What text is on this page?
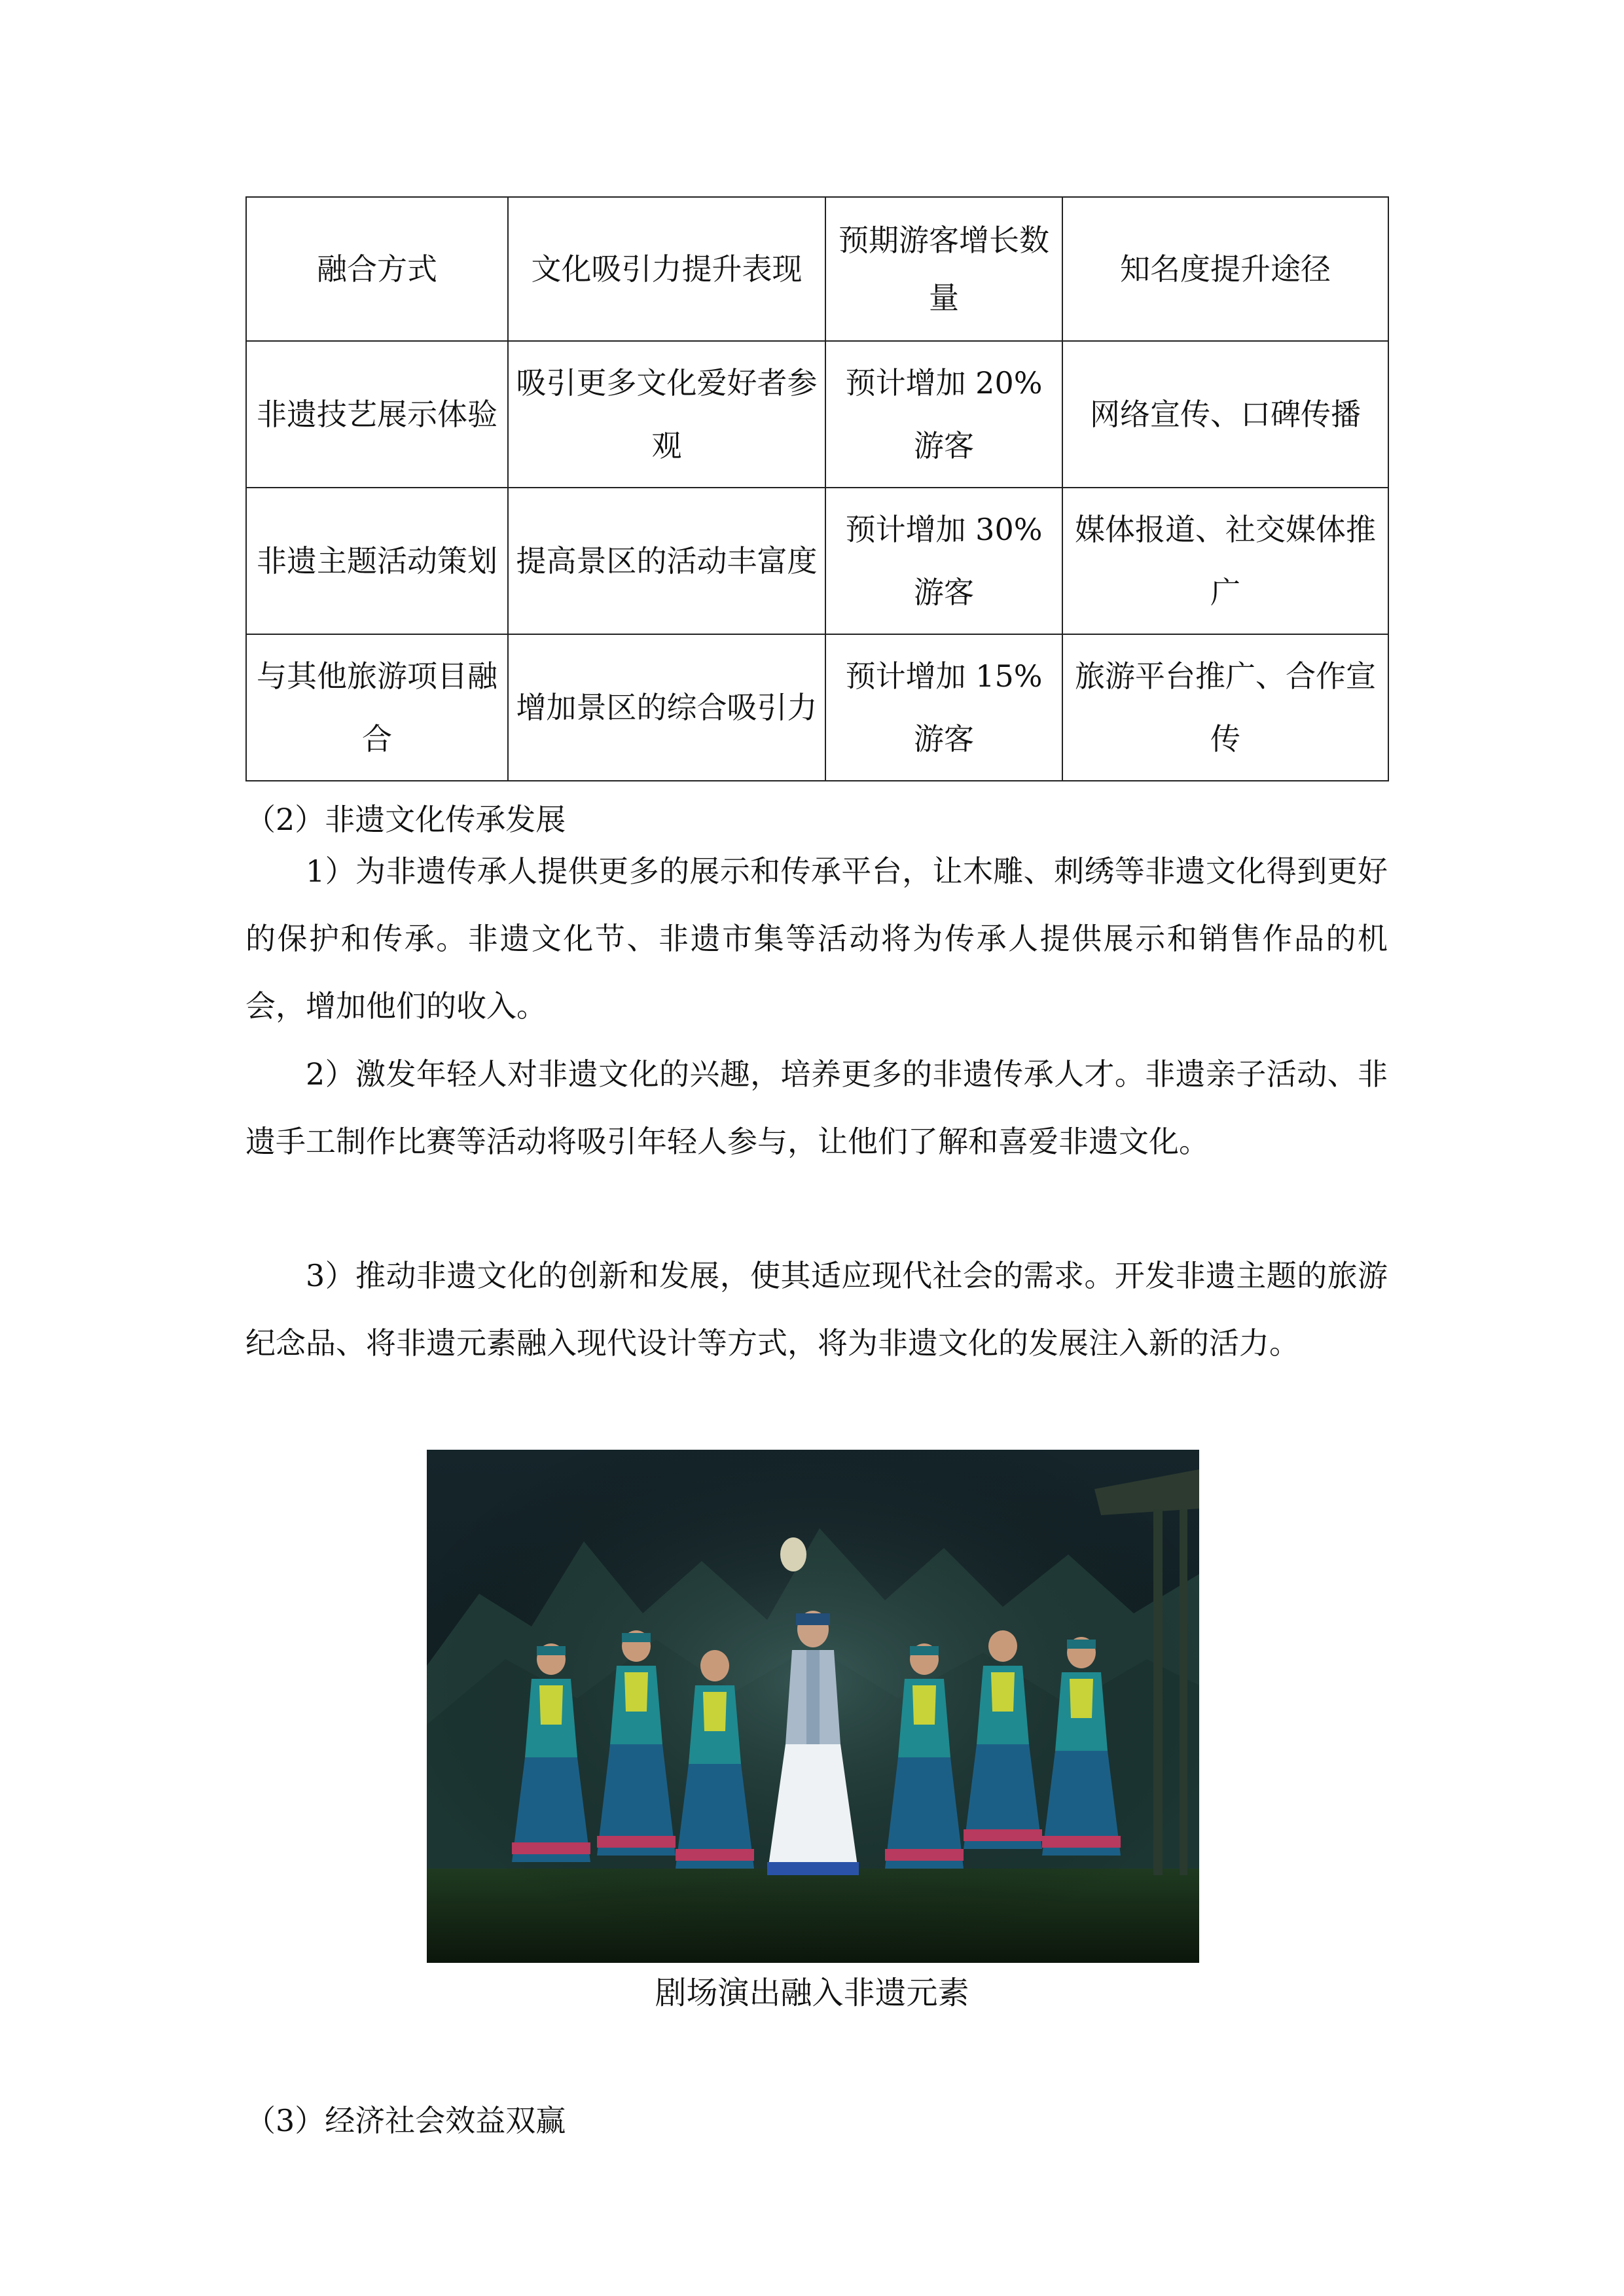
融合方式	文化吸引力提升表现	预期游客增长数量	知名度提升途径
非遗技艺展示体验	吸引更多文化爱好者参观	预计增加 20%游客	网络宣传、口碑传播
非遗主题活动策划	提高景区的活动丰富度	预计增加 30%游客	媒体报道、社交媒体推广
与其他旅游项目融合	增加景区的综合吸引力	预计增加 15%游客	旅游平台推广、合作宣传
（2）非遗文化传承发展

1）为非遗传承人提供更多的展示和传承平台，让木雕、刺绣等非遗文化得到更好的保护和传承。非遗文化节、非遗市集等活动将为传承人提供展示和销售作品的机会，增加他们的收入。

2）激发年轻人对非遗文化的兴趣，培养更多的非遗传承人才。非遗亲子活动、非遗手工制作比赛等活动将吸引年轻人参与，让他们了解和喜爱非遗文化。

3）推动非遗文化的创新和发展，使其适应现代社会的需求。开发非遗主题的旅游纪念品、将非遗元素融入现代设计等方式，将为非遗文化的发展注入新的活力。

剧场演出融入非遗元素
（3）经济社会效益双赢
